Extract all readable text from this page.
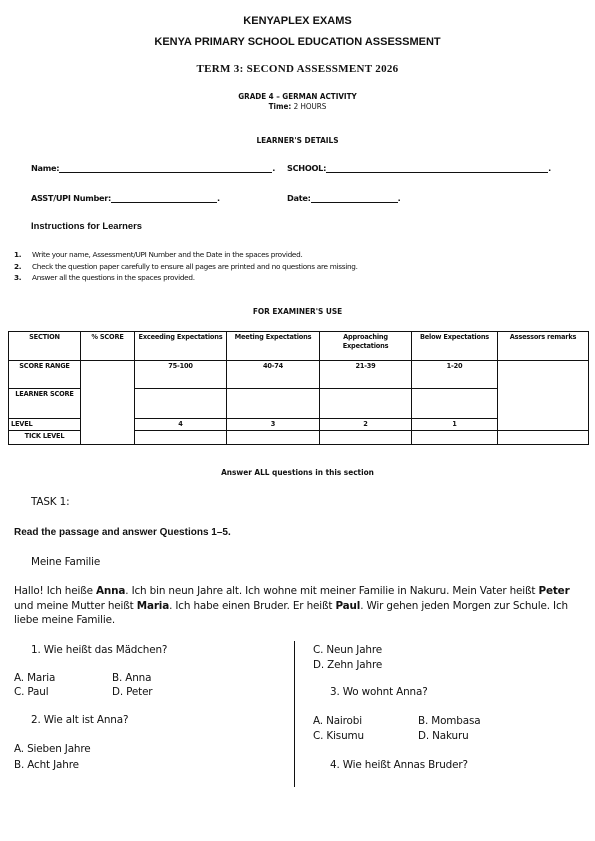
KENYAPLEX EXAMS
KENYA PRIMARY SCHOOL EDUCATION ASSESSMENT
TERM 3: SECOND ASSESSMENT 2026
GRADE 4 – GERMAN ACTIVITY
Time: 2 HOURS
LEARNER'S DETAILS
Name:	. SCHOOL:	.
ASST/UPI Number:	.	Date:	.
Instructions for Learners
1. Write your name, Assessment/UPI Number and the Date in the spaces provided.
2. Check the question paper carefully to ensure all pages are printed and no questions are missing.
3. Answer all the questions in the spaces provided.
FOR EXAMINER'S USE
SECTION	% SCORE	Exceeding Expectations	Meeting Expectations	Approaching Expectations	Below Expectations	Assessors remarks
SCORE RANGE		75-100	40-74	21-39	1-20	
LEARNER SCORE						
LEVEL		4	3	2	1	
TICK LEVEL						
Answer ALL questions in this section
TASK 1:
Read the passage and answer Questions 1–5.
Meine Familie
Hallo! Ich heiße Anna. Ich bin neun Jahre alt. Ich wohne mit meiner Familie in Nakuru. Mein Vater heißt Peter und meine Mutter heißt Maria. Ich habe einen Bruder. Er heißt Paul. Wir gehen jeden Morgen zur Schule. Ich liebe meine Familie.
1. Wie heißt das Mädchen?
A. Maria	B. Anna
C. Paul	D. Peter
2. Wie alt ist Anna?
A. Sieben Jahre
B. Acht Jahre
C. Neun Jahre
D. Zehn Jahre
3. Wo wohnt Anna?
A. Nairobi	B. Mombasa
C. Kisumu	D. Nakuru
4. Wie heißt Annas Bruder?
